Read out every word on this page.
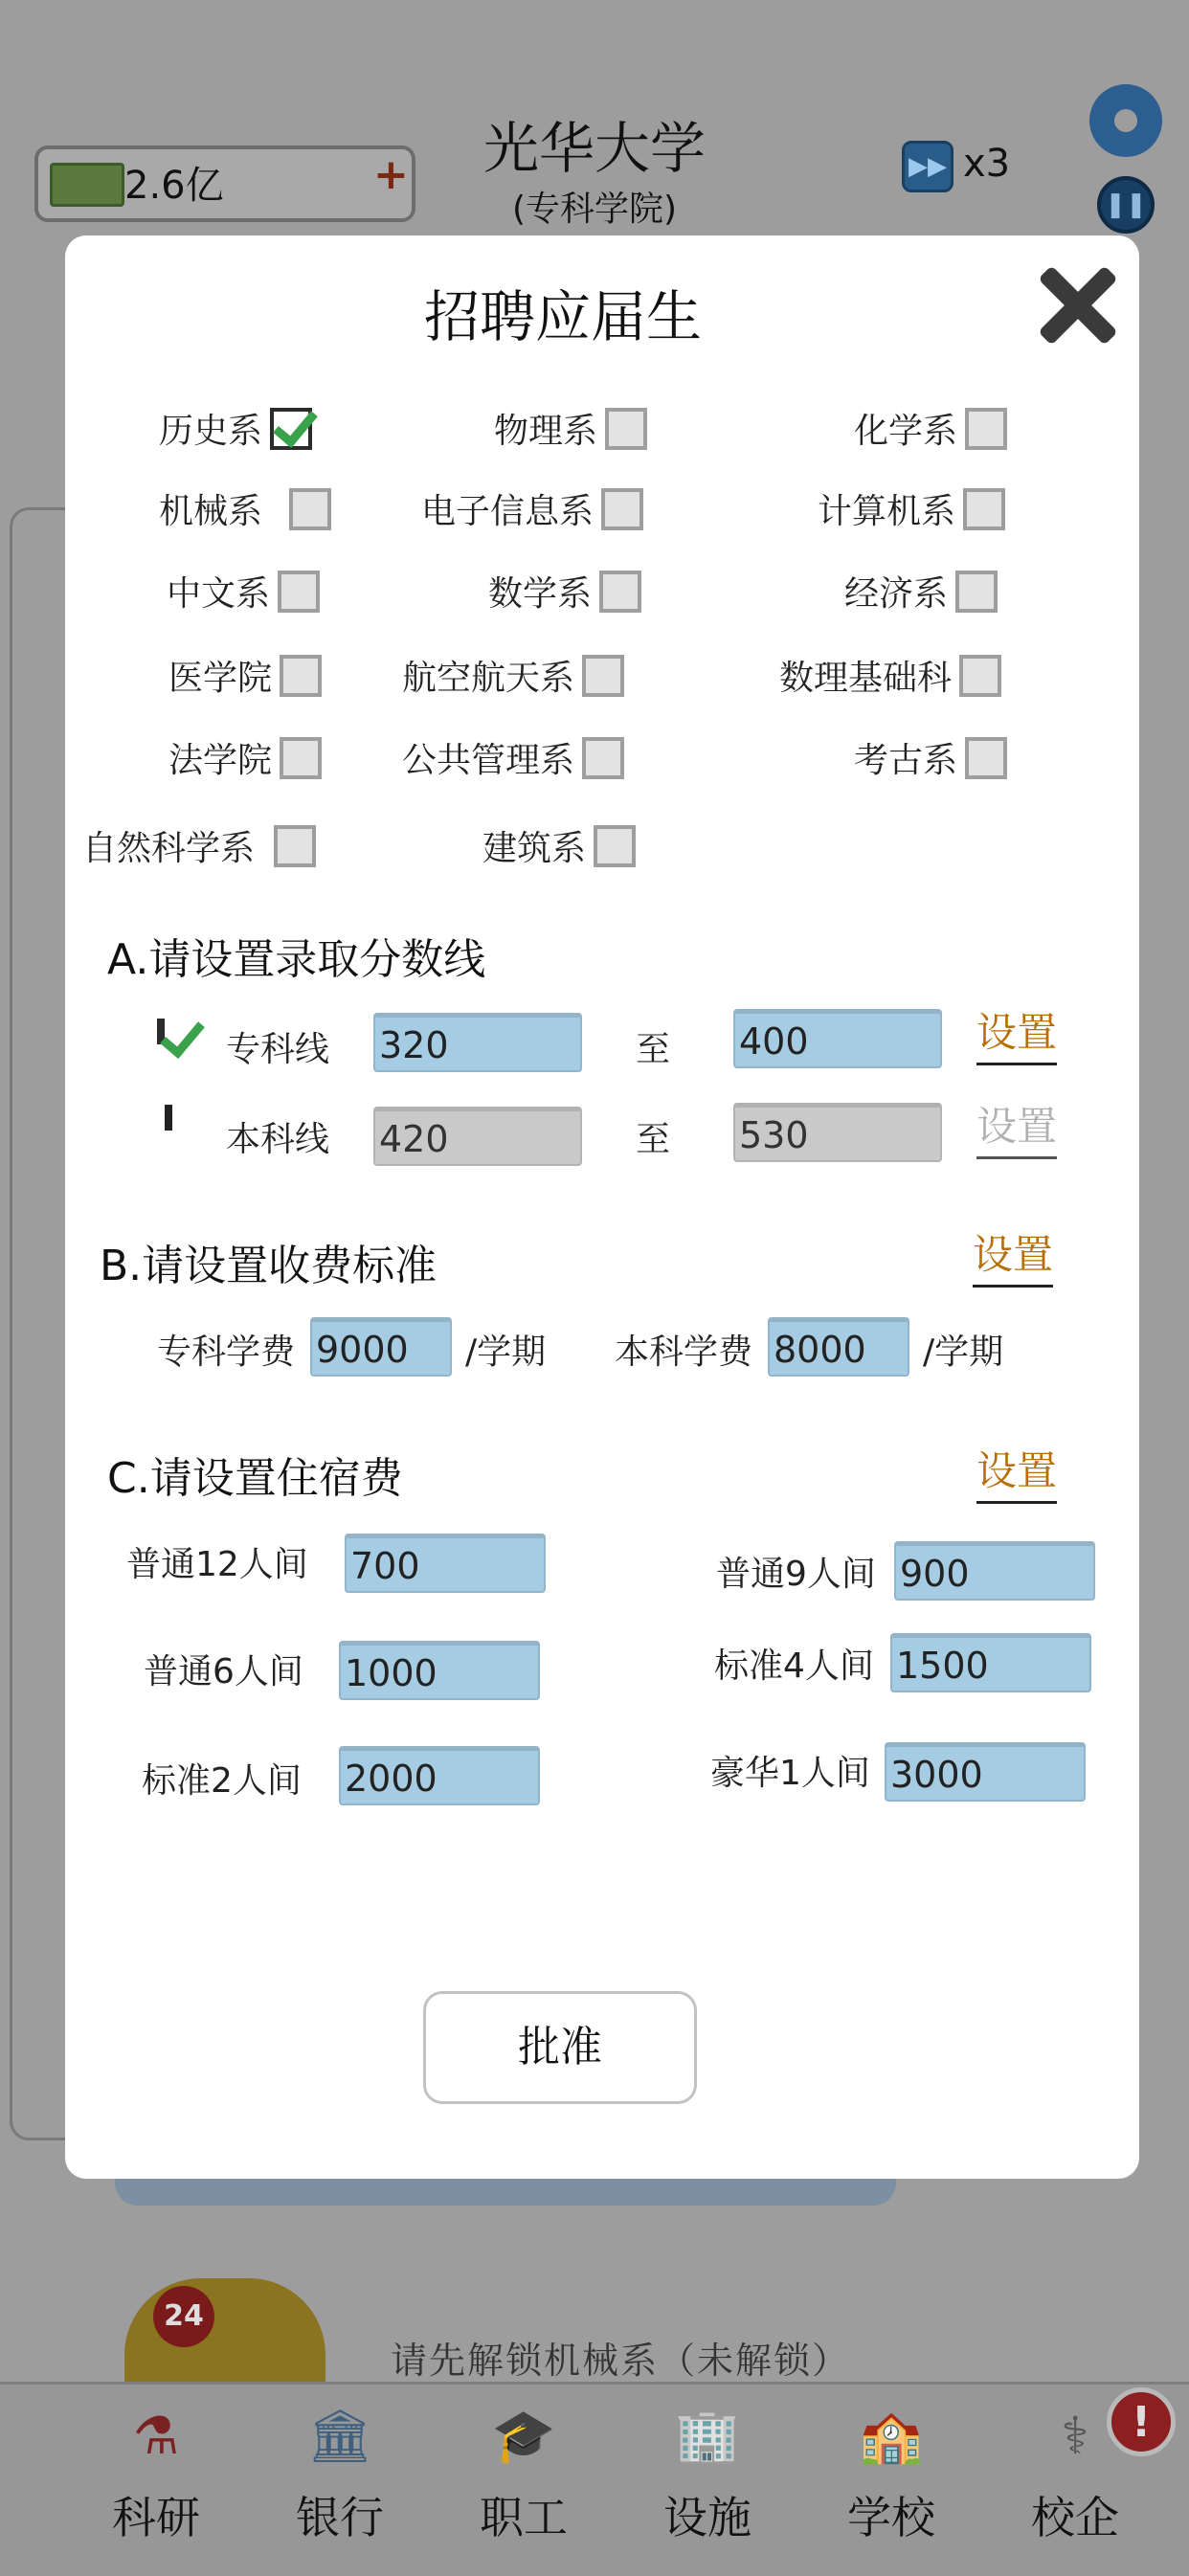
光华大学
(专科学院)
2.6亿	+	▶▶ x3
❚❚
24
请先解锁机械系（未解锁）
⚗
科研
🏛
银行
🎓
职工
🏢
设施
🏫
学校
⚕
校企
!
招聘应届生
历史系	物理系	化学系
机械系	电子信息系	计算机系
中文系	数学系	经济系
医学院	航空航天系	数理基础科
法学院	公共管理系	考古系
自然科学系	建筑系
A.请设置录取分数线
专科线 320	至 400	设置
本科线 420	至 530	设置
B.请设置收费标准	设置
专科学费 9000	/学期 本科学费 8000	/学期
C.请设置住宿费	设置
普通12人间 700	普通9人间 900
普通6人间 1000	标准4人间 1500
标准2人间 2000	豪华1人间 3000
批准
